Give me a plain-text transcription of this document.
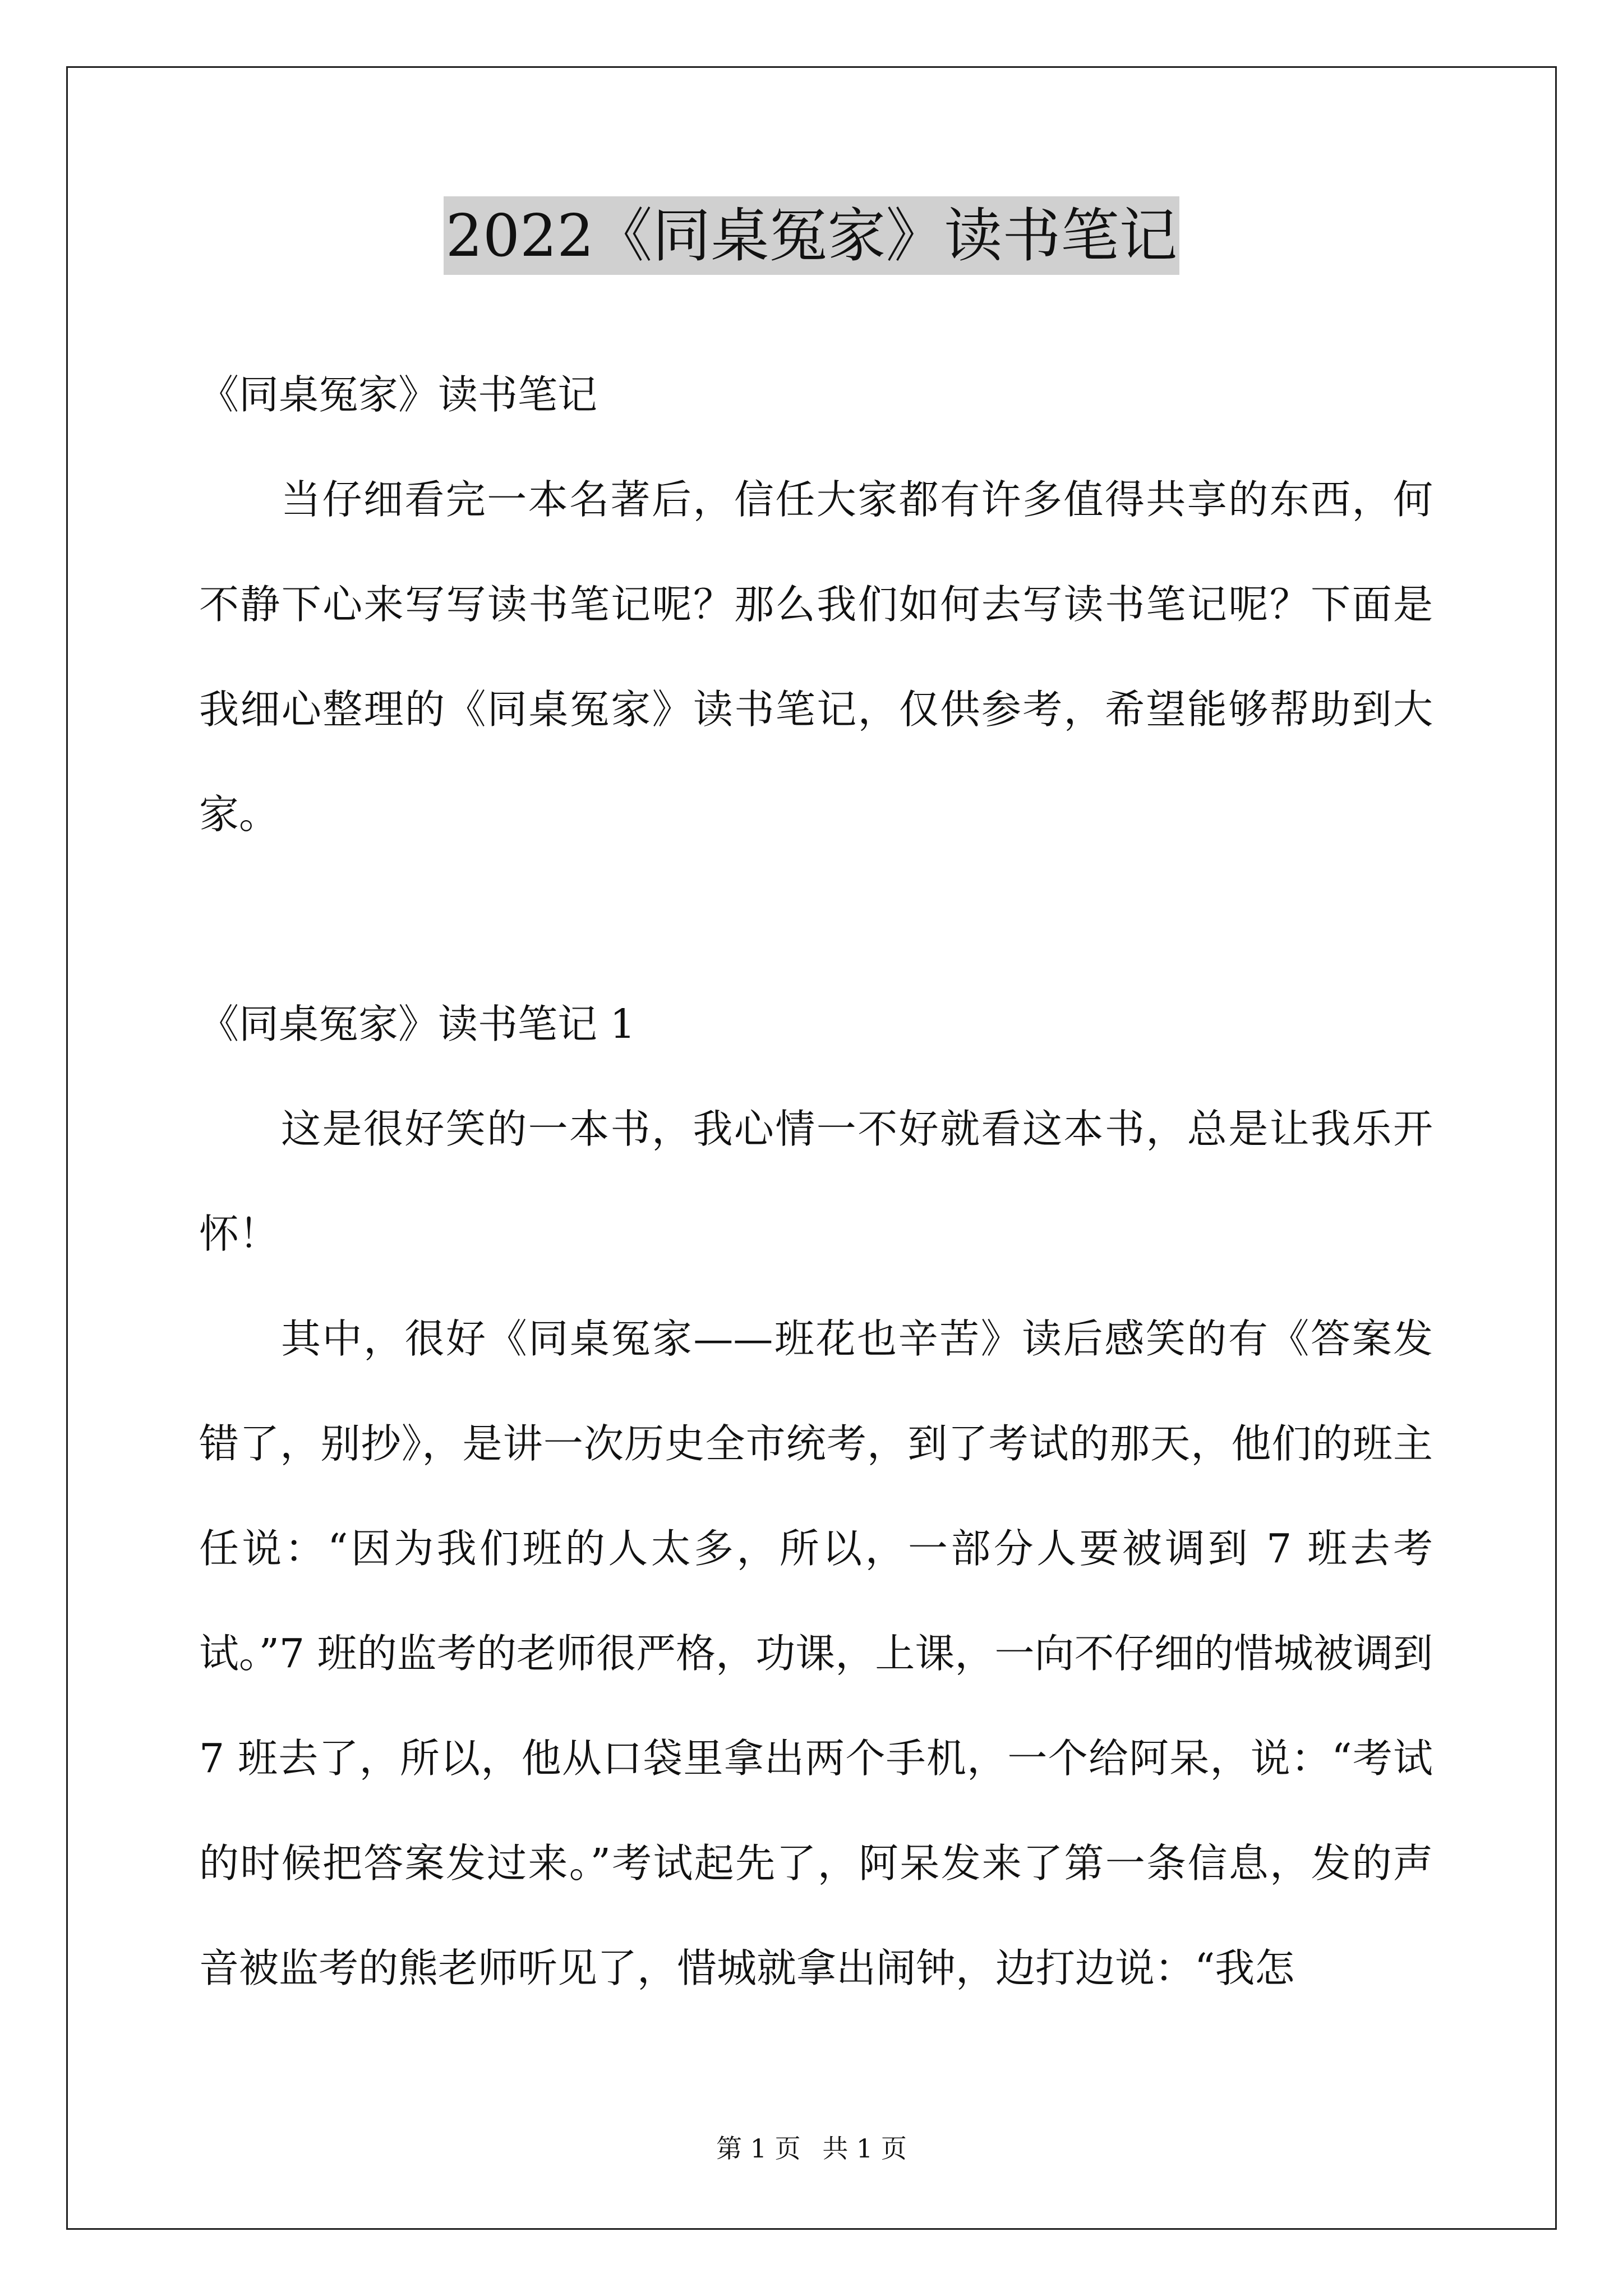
2022《同桌冤家》读书笔记

《同桌冤家》读书笔记

当仔细看完一本名著后，信任大家都有许多值得共享的东西，何不静下心来写写读书笔记呢？那么我们如何去写读书笔记呢？下面是我细心整理的《同桌冤家》读书笔记，仅供参考，希望能够帮助到大家。

《同桌冤家》读书笔记 1

这是很好笑的一本书，我心情一不好就看这本书，总是让我乐开怀！

其中，很好《同桌冤家——班花也辛苦》读后感笑的有《答案发错了，别抄》，是讲一次历史全市统考，到了考试的那天，他们的班主任说：“因为我们班的人太多，所以，一部分人要被调到 7 班去考试。”7 班的监考的老师很严格，功课，上课，一向不仔细的惜城被调到 7 班去了，所以，他从口袋里拿出两个手机，一个给阿呆，说：“考试的时候把答案发过来。”考试起先了，阿呆发来了第一条信息，发的声音被监考的熊老师听见了，惜城就拿出闹钟，边打边说：“我怎

第 1 页 共 1 页
